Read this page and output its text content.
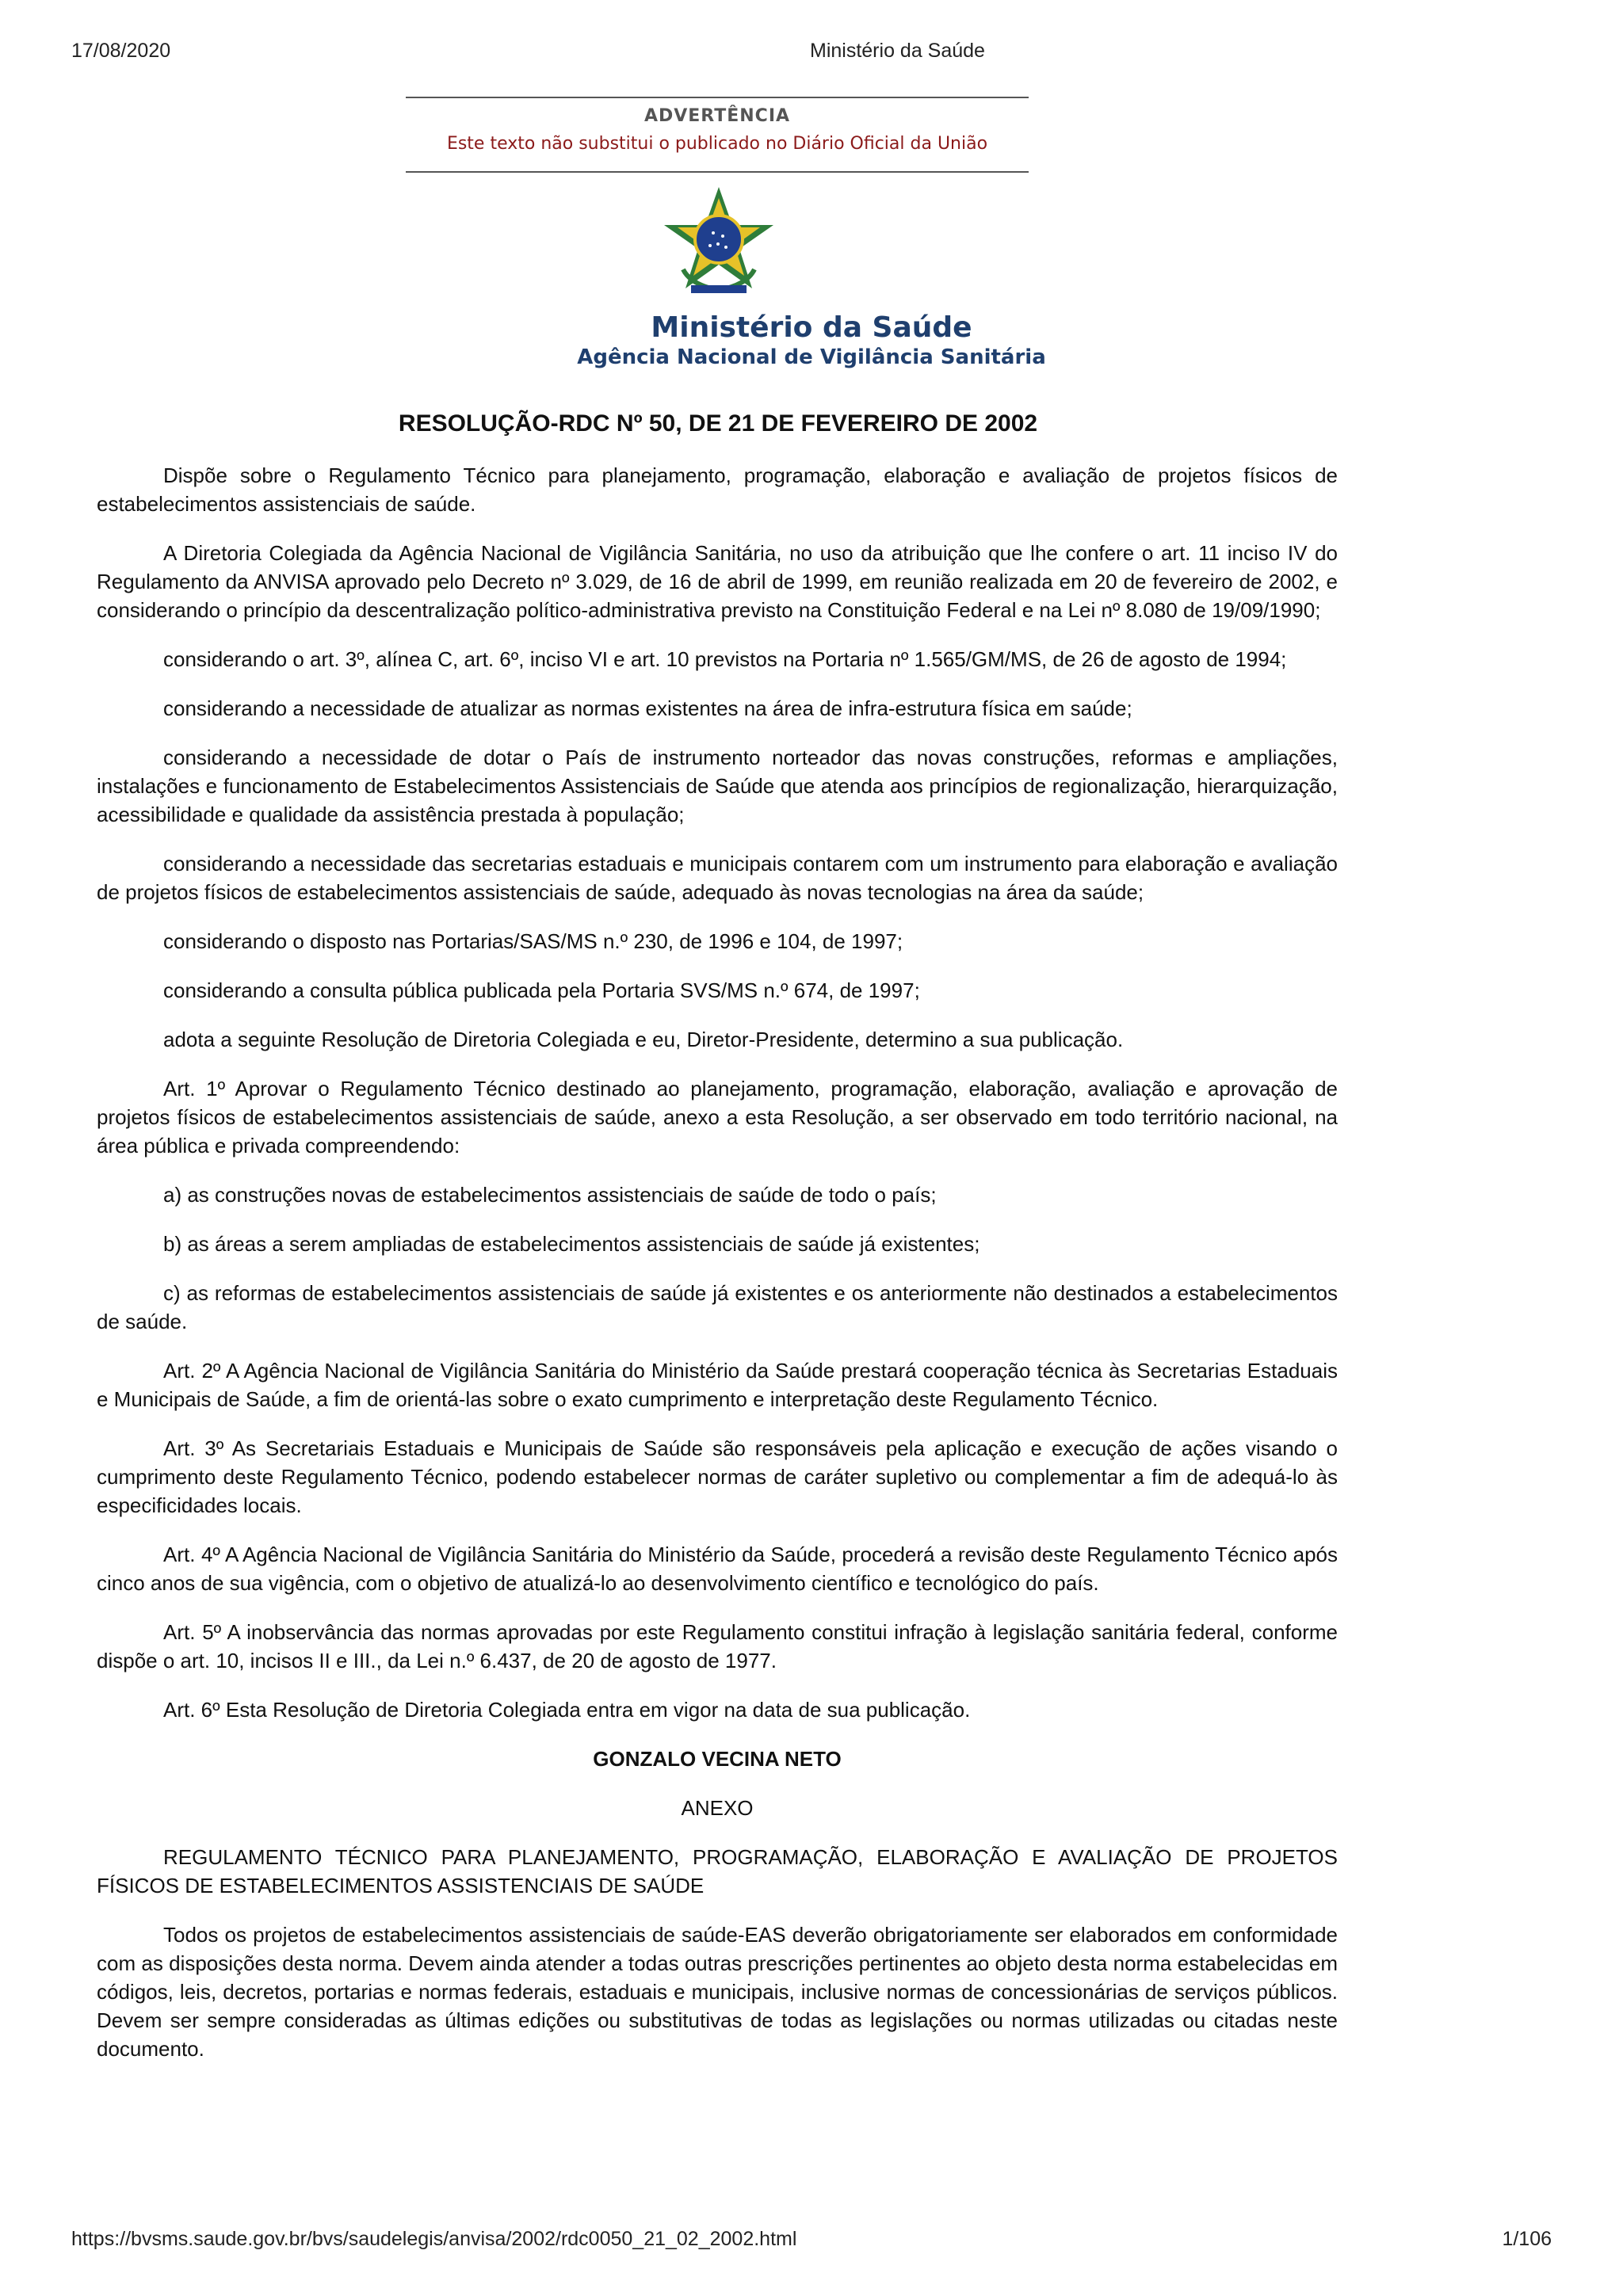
17/08/2020	Ministério da Saúde
ADVERTÊNCIA
Este texto não substitui o publicado no Diário Oficial da União
Ministério da Saúde
Agência Nacional de Vigilância Sanitária
RESOLUÇÃO-RDC Nº 50, DE 21 DE FEVEREIRO DE 2002

Dispõe sobre o Regulamento Técnico para planejamento, programação, elaboração e avaliação de projetos físicos de estabelecimentos assistenciais de saúde.

A Diretoria Colegiada da Agência Nacional de Vigilância Sanitária, no uso da atribuição que lhe confere o art. 11 inciso IV do Regulamento da ANVISA aprovado pelo Decreto nº 3.029, de 16 de abril de 1999, em reunião realizada em 20 de fevereiro de 2002, e considerando o princípio da descentralização político-administrativa previsto na Constituição Federal e na Lei nº 8.080 de 19/09/1990;

considerando o art. 3º, alínea C, art. 6º, inciso VI e art. 10 previstos na Portaria nº 1.565/GM/MS, de 26 de agosto de 1994;

considerando a necessidade de atualizar as normas existentes na área de infra-estrutura física em saúde;

considerando a necessidade de dotar o País de instrumento norteador das novas construções, reformas e ampliações, instalações e funcionamento de Estabelecimentos Assistenciais de Saúde que atenda aos princípios de regionalização, hierarquização, acessibilidade e qualidade da assistência prestada à população;

considerando a necessidade das secretarias estaduais e municipais contarem com um instrumento para elaboração e avaliação de projetos físicos de estabelecimentos assistenciais de saúde, adequado às novas tecnologias na área da saúde;

considerando o disposto nas Portarias/SAS/MS n.º 230, de 1996 e 104, de 1997;

considerando a consulta pública publicada pela Portaria SVS/MS n.º 674, de 1997;

adota a seguinte Resolução de Diretoria Colegiada e eu, Diretor-Presidente, determino a sua publicação.

Art. 1º Aprovar o Regulamento Técnico destinado ao planejamento, programação, elaboração, avaliação e aprovação de projetos físicos de estabelecimentos assistenciais de saúde, anexo a esta Resolução, a ser observado em todo território nacional, na área pública e privada compreendendo:

a) as construções novas de estabelecimentos assistenciais de saúde de todo o país;

b) as áreas a serem ampliadas de estabelecimentos assistenciais de saúde já existentes;

c) as reformas de estabelecimentos assistenciais de saúde já existentes e os anteriormente não destinados a estabelecimentos de saúde.

Art. 2º A Agência Nacional de Vigilância Sanitária do Ministério da Saúde prestará cooperação técnica às Secretarias Estaduais e Municipais de Saúde, a fim de orientá-las sobre o exato cumprimento e interpretação deste Regulamento Técnico.

Art. 3º As Secretariais Estaduais e Municipais de Saúde são responsáveis pela aplicação e execução de ações visando o cumprimento deste Regulamento Técnico, podendo estabelecer normas de caráter supletivo ou complementar a fim de adequá-lo às especificidades locais.

Art. 4º A Agência Nacional de Vigilância Sanitária do Ministério da Saúde, procederá a revisão deste Regulamento Técnico após cinco anos de sua vigência, com o objetivo de atualizá-lo ao desenvolvimento científico e tecnológico do país.

Art. 5º A inobservância das normas aprovadas por este Regulamento constitui infração à legislação sanitária federal, conforme dispõe o art. 10, incisos II e III., da Lei n.º 6.437, de 20 de agosto de 1977.

Art. 6º Esta Resolução de Diretoria Colegiada entra em vigor na data de sua publicação.

GONZALO VECINA NETO

ANEXO

REGULAMENTO TÉCNICO PARA PLANEJAMENTO, PROGRAMAÇÃO, ELABORAÇÃO E AVALIAÇÃO DE PROJETOS FÍSICOS DE ESTABELECIMENTOS ASSISTENCIAIS DE SAÚDE

Todos os projetos de estabelecimentos assistenciais de saúde-EAS deverão obrigatoriamente ser elaborados em conformidade com as disposições desta norma. Devem ainda atender a todas outras prescrições pertinentes ao objeto desta norma estabelecidas em códigos, leis, decretos, portarias e normas federais, estaduais e municipais, inclusive normas de concessionárias de serviços públicos. Devem ser sempre consideradas as últimas edições ou substitutivas de todas as legislações ou normas utilizadas ou citadas neste documento.

https://bvsms.saude.gov.br/bvs/saudelegis/anvisa/2002/rdc0050_21_02_2002.html	1/106
